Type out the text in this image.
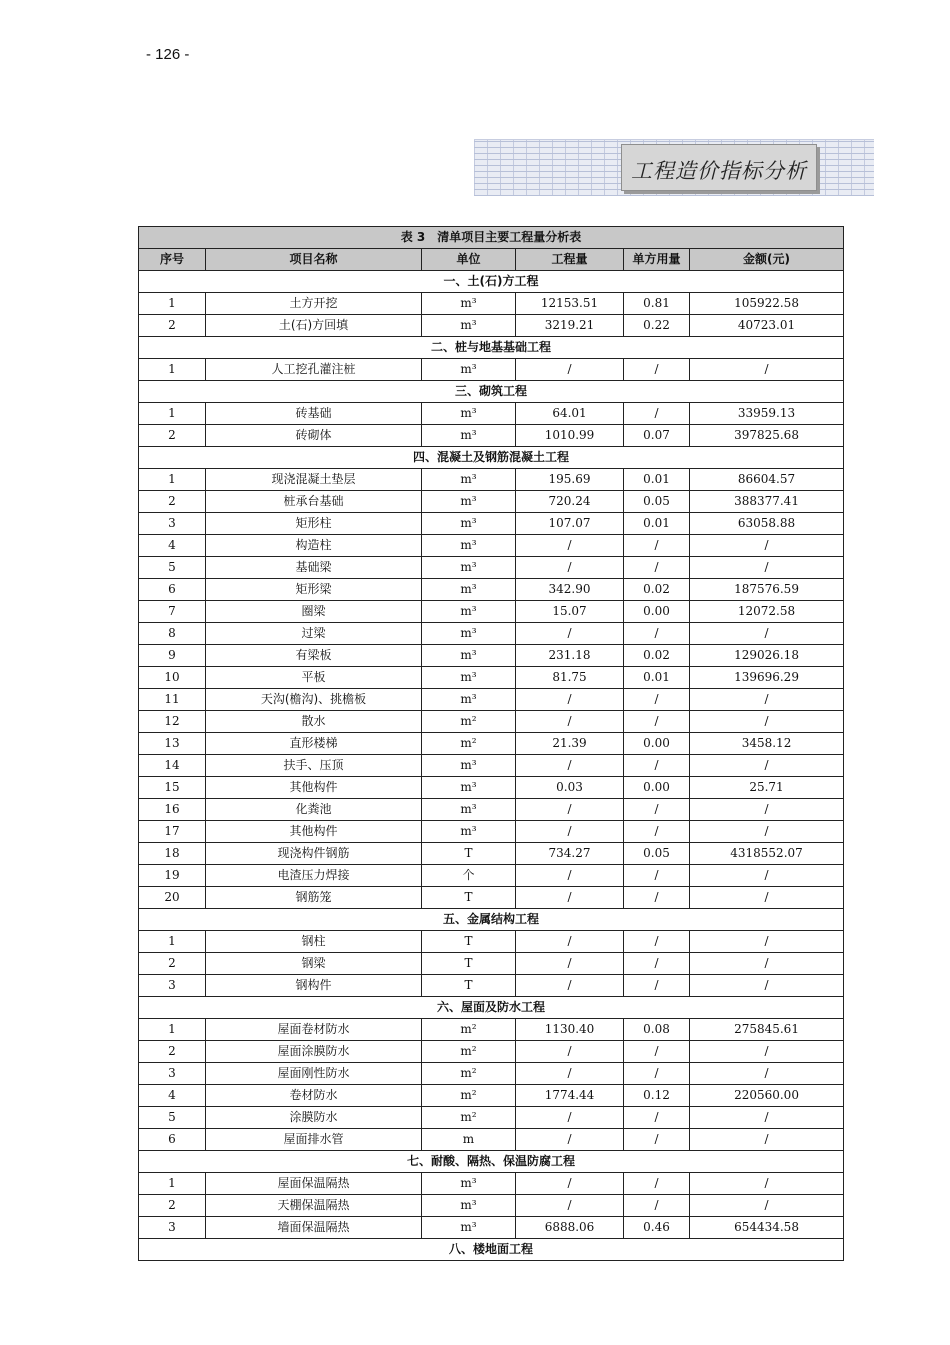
- 126 -
工程造价指标分析
表 3　清单项目主要工程量分析表					
序号	项目名称	单位	工程量	单方用量	金额(元)
一、土(石)方工程					
1	土方开挖	m³	12153.51	0.81	105922.58
2	土(石)方回填	m³	3219.21	0.22	40723.01
二、桩与地基基础工程					
1	人工挖孔灌注桩	m³	/	/	/
三、砌筑工程					
1	砖基础	m³	64.01	/	33959.13
2	砖砌体	m³	1010.99	0.07	397825.68
四、混凝土及钢筋混凝土工程					
1	现浇混凝土垫层	m³	195.69	0.01	86604.57
2	桩承台基础	m³	720.24	0.05	388377.41
3	矩形柱	m³	107.07	0.01	63058.88
4	构造柱	m³	/	/	/
5	基础梁	m³	/	/	/
6	矩形梁	m³	342.90	0.02	187576.59
7	圈梁	m³	15.07	0.00	12072.58
8	过梁	m³	/	/	/
9	有梁板	m³	231.18	0.02	129026.18
10	平板	m³	81.75	0.01	139696.29
11	天沟(檐沟)、挑檐板	m³	/	/	/
12	散水	m²	/	/	/
13	直形楼梯	m²	21.39	0.00	3458.12
14	扶手、压顶	m³	/	/	/
15	其他构件	m³	0.03	0.00	25.71
16	化粪池	m³	/	/	/
17	其他构件	m³	/	/	/
18	现浇构件钢筋	T	734.27	0.05	4318552.07
19	电渣压力焊接	个	/	/	/
20	钢筋笼	T	/	/	/
五、金属结构工程					
1	钢柱	T	/	/	/
2	钢梁	T	/	/	/
3	钢构件	T	/	/	/
六、屋面及防水工程					
1	屋面卷材防水	m²	1130.40	0.08	275845.61
2	屋面涂膜防水	m²	/	/	/
3	屋面刚性防水	m²	/	/	/
4	卷材防水	m²	1774.44	0.12	220560.00
5	涂膜防水	m²	/	/	/
6	屋面排水管	m	/	/	/
七、耐酸、隔热、保温防腐工程					
1	屋面保温隔热	m³	/	/	/
2	天棚保温隔热	m³	/	/	/
3	墙面保温隔热	m³	6888.06	0.46	654434.58
八、楼地面工程					
